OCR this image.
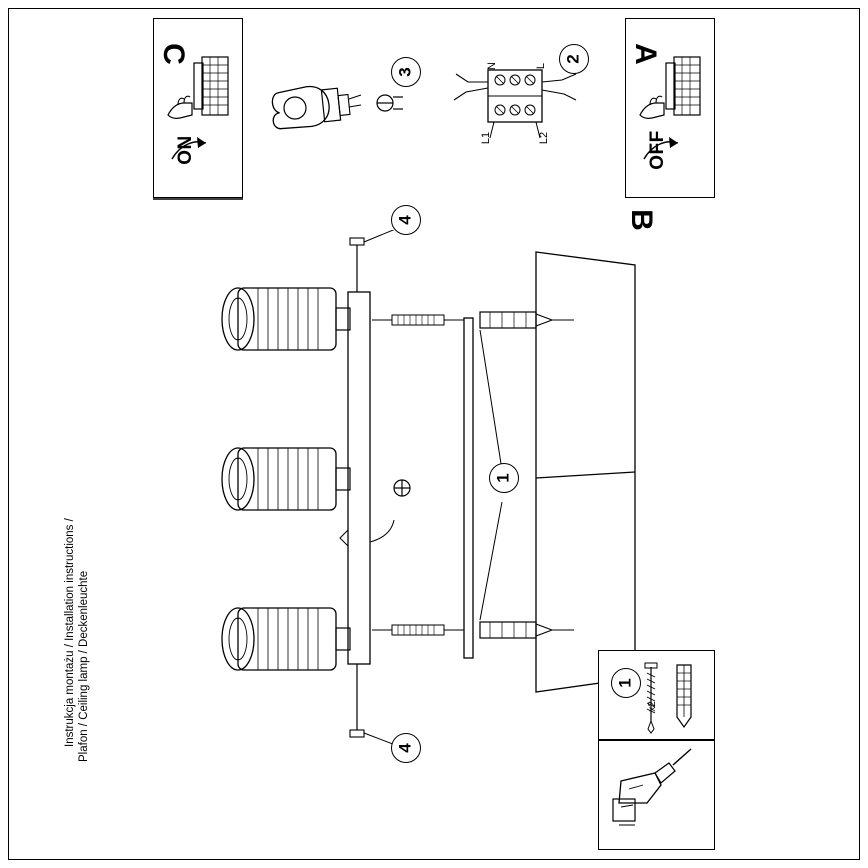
C
ON
3
N	L
L1	L2
2 A
OFF
B
4
4
1
x2
1
Instrukcja montażu / Installation instructions / Plafon / Ceiling lamp / Deckenleuchte
